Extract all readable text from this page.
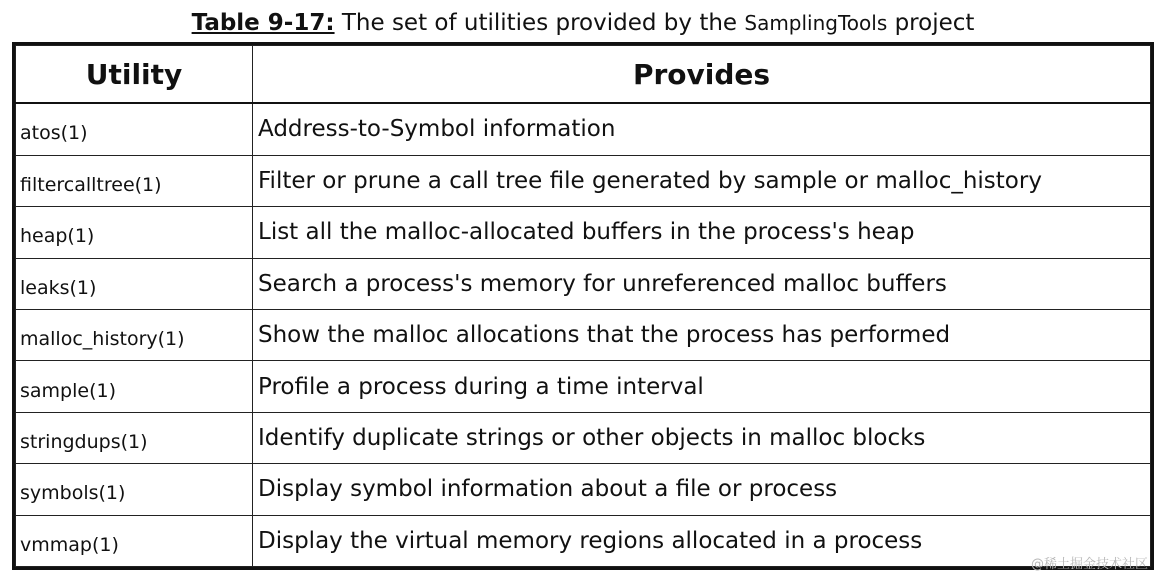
Table 9-17: The set of utilities provided by the SamplingTools project
Utility	Provides
atos(1)	Address-to-Symbol information
filtercalltree(1)	Filter or prune a call tree file generated by sample or malloc_history
heap(1)	List all the malloc-allocated buffers in the process's heap
leaks(1)	Search a process's memory for unreferenced malloc buffers
malloc_history(1)	Show the malloc allocations that the process has performed
sample(1)	Profile a process during a time interval
stringdups(1)	Identify duplicate strings or other objects in malloc blocks
symbols(1)	Display symbol information about a file or process
vmmap(1)	Display the virtual memory regions allocated in a process
@稀土掘金技术社区
